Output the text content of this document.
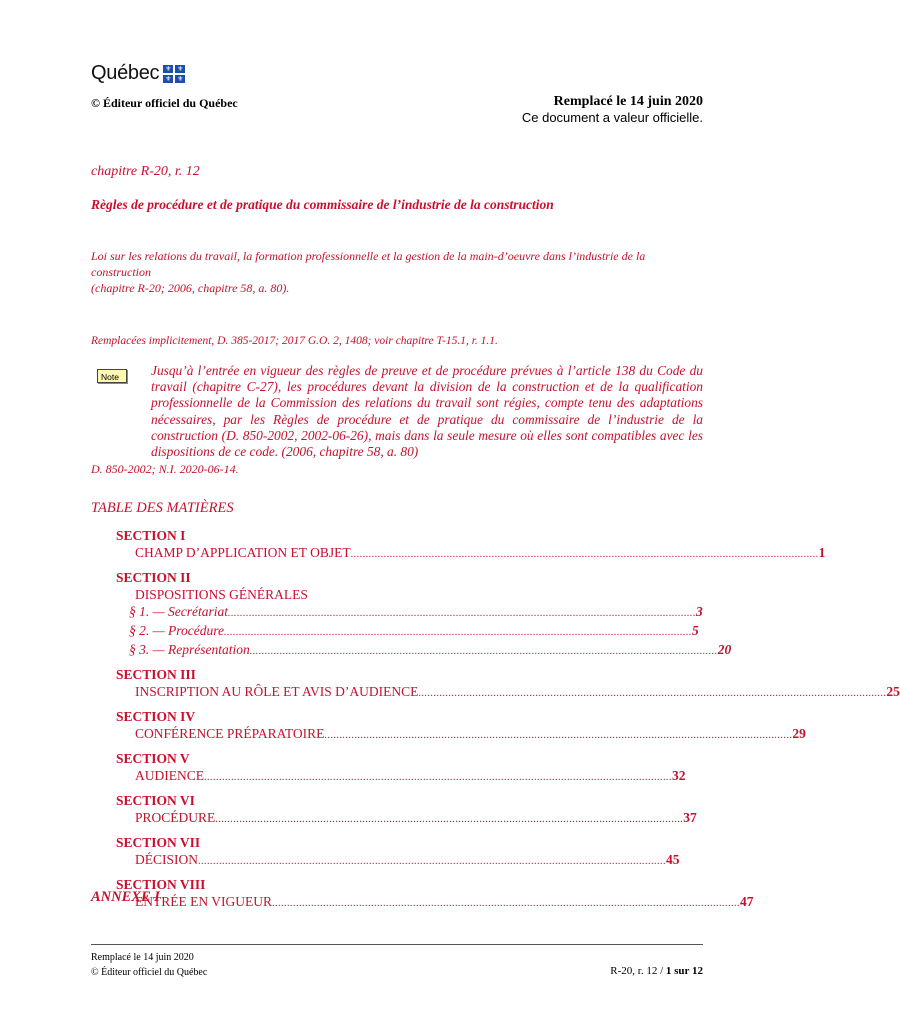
Québec ⚜ ⚜
⚜ ⚜
© Éditeur officiel du Québec	Remplacé le 14 juin 2020
Ce document a valeur officielle.
chapitre R-20, r. 12
Règles de procédure et de pratique du commissaire de l’industrie de la construction
Loi sur les relations du travail, la formation professionnelle et la gestion de la main-d’oeuvre dans l’industrie de la construction
(chapitre R-20; 2006, chapitre 58, a. 80).
Remplacées implicitement, D. 385-2017; 2017 G.O. 2, 1408; voir chapitre T-15.1, r. 1.1.
Note	Jusqu’à l’entrée en vigueur des règles de preuve et de procédure prévues à l’article 138 du Code du travail (chapitre C-27), les procédures devant la division de la construction et de la qualification professionnelle de la Commission des relations du travail sont régies, compte tenu des adaptations nécessaires, par les Règles de procédure et de pratique du commissaire de l’industrie de la construction (D. 850-2002, 2002-06-26), mais dans la seule mesure où elles sont compatibles avec les dispositions de ce code. (2006, chapitre 58, a. 80)
D. 850-2002; N.I. 2020-06-14.
TABLE DES MATIÈRES
SECTION I
CHAMP D’APPLICATION ET OBJET ............................................................................................................................................................ 1
SECTION II
DISPOSITIONS GÉNÉRALES
§ 1. — Secrétariat ............................................................................................................................................................ 3
§ 2. — Procédure ............................................................................................................................................................ 5
§ 3. — Représentation ............................................................................................................................................................ 20
SECTION III
INSCRIPTION AU RÔLE ET AVIS D’AUDIENCE ............................................................................................................................................................ 25
SECTION IV
CONFÉRENCE PRÉPARATOIRE ............................................................................................................................................................ 29
SECTION V
AUDIENCE ............................................................................................................................................................ 32
SECTION VI
PROCÉDURE ............................................................................................................................................................ 37
SECTION VII
DÉCISION ............................................................................................................................................................ 45
SECTION VIII
ENTRÉE EN VIGUEUR ............................................................................................................................................................ 47
ANNEXE I
Remplacé le 14 juin 2020
© Éditeur officiel du Québec	R-20, r. 12 / 1 sur 12
